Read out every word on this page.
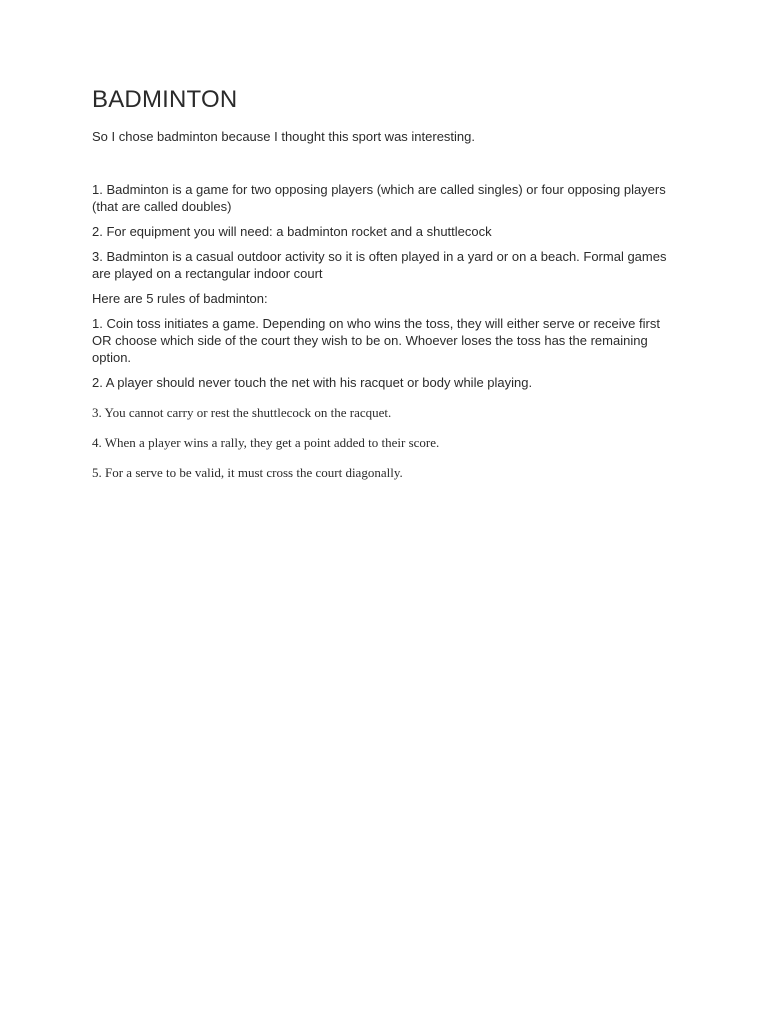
BADMINTON

So I chose badminton because I thought this sport was interesting.

1. Badminton is a game for two opposing players (which are called singles) or four opposing players (that are called doubles)

2. For equipment you will need: a badminton rocket and a shuttlecock

3. Badminton is a casual outdoor activity so it is often played in a yard or on a beach. Formal games are played on a rectangular indoor court

Here are 5 rules of badminton:

1. Coin toss initiates a game. Depending on who wins the toss, they will either serve or receive first OR choose which side of the court they wish to be on. Whoever loses the toss has the remaining option.

2. A player should never touch the net with his racquet or body while playing.

3. You cannot carry or rest the shuttlecock on the racquet.

4. When a player wins a rally, they get a point added to their score.

5. For a serve to be valid, it must cross the court diagonally.
